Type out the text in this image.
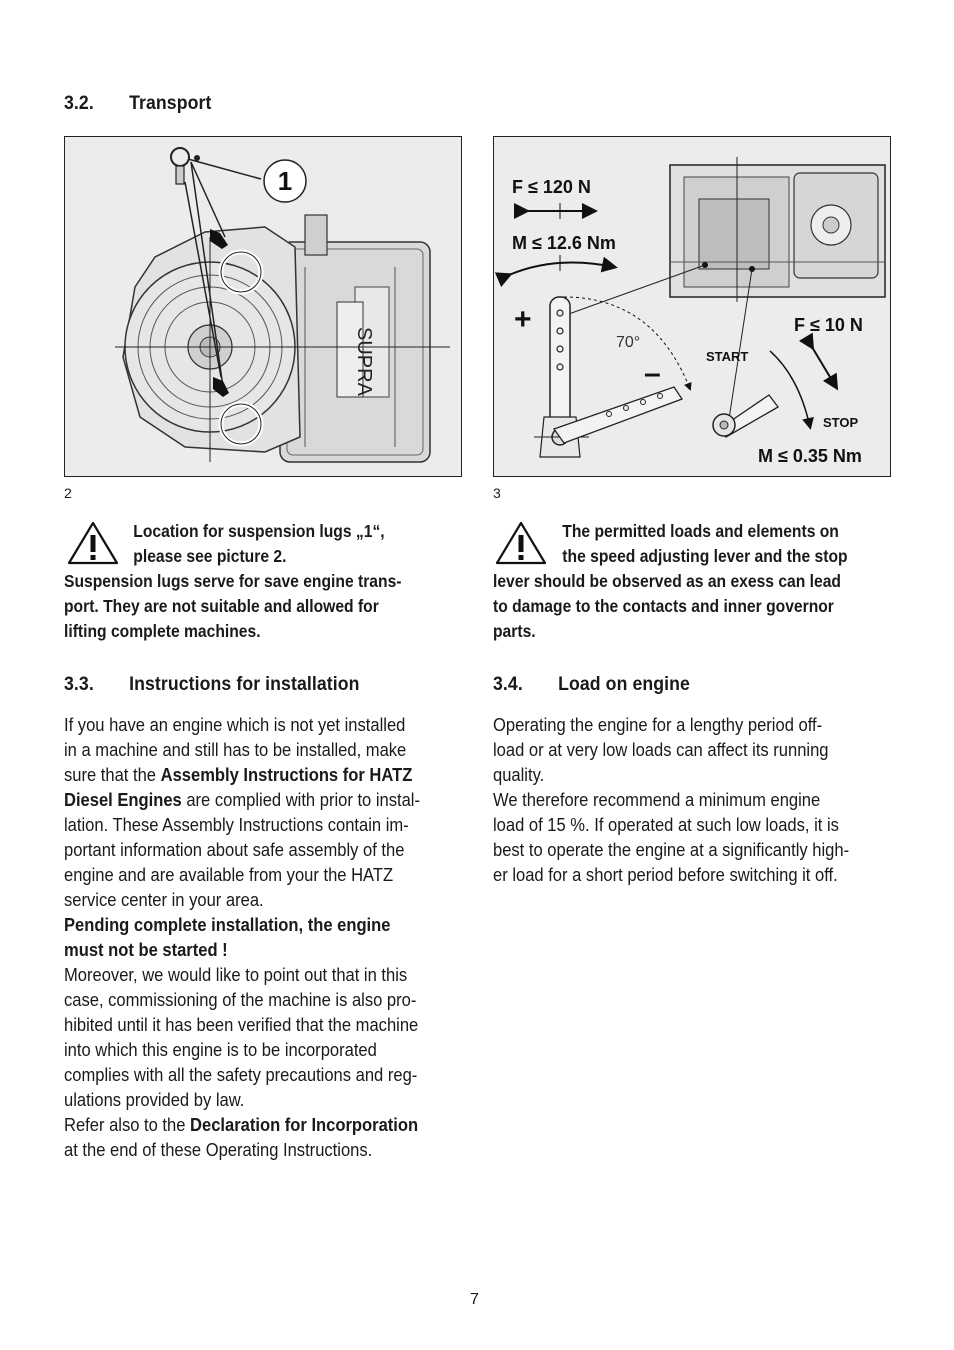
3.2. Transport
SUPRA
1
2
F ≤ 120 N
M ≤ 12.6 Nm
+
–
70°
START
STOP
F ≤ 10 N
M ≤ 0.35 Nm
3
Location for suspension lugs „1“,
please see picture 2.
Suspension lugs serve for save engine trans-
port. They are not suitable and allowed for
lifting complete machines.
The permitted loads and elements on
the speed adjusting lever and the stop
lever should be observed as an exess can lead
to damage to the contacts and inner governor
parts.
3.3. Instructions for installation	3.4. Load on engine

If you have an engine which is not yet installed

in a machine and still has to be installed, make

sure that the Assembly Instructions for HATZ

Diesel Engines are complied with prior to instal-

lation. These Assembly Instructions contain im-

portant information about safe assembly of the

engine and are available from your the HATZ

service center in your area.

Pending complete installation, the engine

must not be started !

Moreover, we would like to point out that in this

case, commissioning of the machine is also pro-

hibited until it has been verified that the machine

into which this engine is to be incorporated

complies with all the safety precautions and reg-

ulations provided by law.

Refer also to the Declaration for Incorporation

at the end of these Operating Instructions.

Operating the engine for a lengthy period off-

load or at very low loads can affect its running

quality.

We therefore recommend a minimum engine

load of 15 %. If operated at such low loads, it is

best to operate the engine at a significantly high-

er load for a short period before switching it off.

7
